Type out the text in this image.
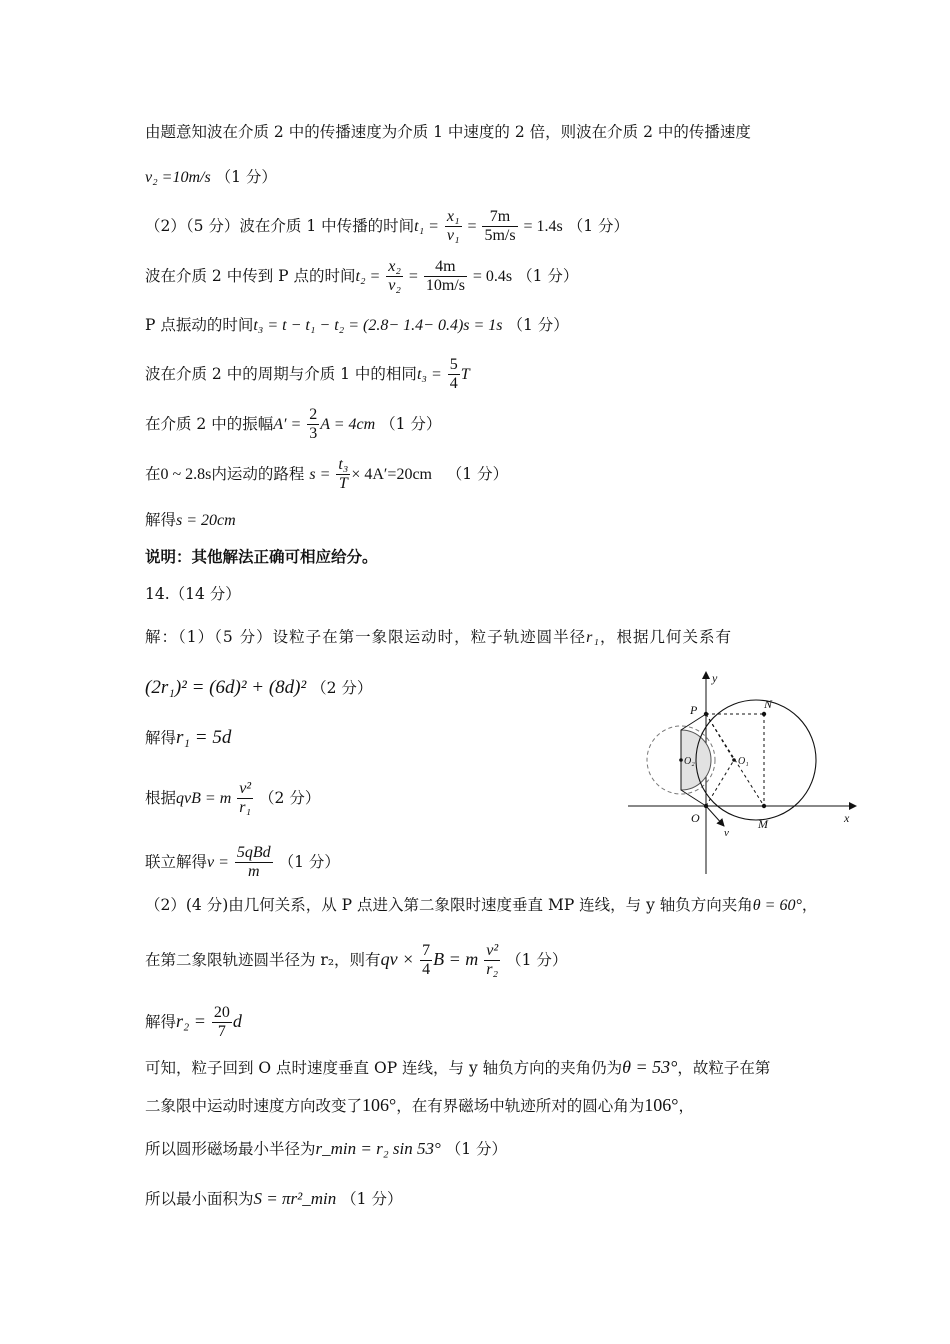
由题意知波在介质 2 中的传播速度为介质 1 中速度的 2 倍，则波在介质 2 中的传播速度
v₂ =10m/s （1 分）
（2）（5 分）波在介质 1 中传播的时间$t_1 = \frac{\text{x₁}}{\text{v₁}} = \frac{7m}{5m/s} = 1.4s$ （1 分）
波在介质 2 中传到 P 点的时间$t_2 = \frac{\text{x₂}}{\text{v₂}} = \frac{4m}{10m/s} = 0.4s$ （1 分）
P 点振动的时间t₃ = t − t₁ − t₂ = (2.8− 1.4− 0.4)s = 1s （1 分）
波在介质 2 中的周期与介质 1 中的相同$t_3 = \frac{5}{4}$ T
在介质 2 中的振幅$A' = \frac{2}{3}$ A = 4cm （1 分）
在0 ~ 2.8s内运动的路程 $s = \frac{\text{t₃}}{T} \times 4A'=20cm$ （1 分）
解得s = 20cm
说明：其他解法正确可相应给分。
14.（14 分）
解：（1）（5 分）设粒子在第一象限运动时，粒子轨迹圆半径r₁，根据几何关系有
(2r₁)² = (6d)² + (8d)² （2 分）
解得r₁ = 5d
根据qvB = m $\frac{\text{v²}}{\text{r₁}} (2$ 分）
联立解得$v = \frac{\text{5qBd}}{m} (1$ 分）
（2）(4 分)由几何关系，从 P 点进入第二象限时速度垂直 MP 连线，与 y 轴负方向夹角θ = 60°，
在第二象限轨迹圆半径为 r₂，则有qv × $\frac{7}{4}$ B = m $\frac{\text{v²}}{\text{r₂}} (1$ 分）
解得$r_2 = \frac{20}{7}$ d
可知，粒子回到 O 点时速度垂直 OP 连线，与 y 轴负方向的夹角仍为θ = 53°，故粒子在第
二象限中运动时速度方向改变了106°，在有界磁场中轨迹所对的圆心角为106°，
所以圆形磁场最小半径为r_min = r₂ sin 53° （1 分）
所以最小面积为S = πr²_min （1 分）
y
x
P	N
O	M
O₁
O₂
v
